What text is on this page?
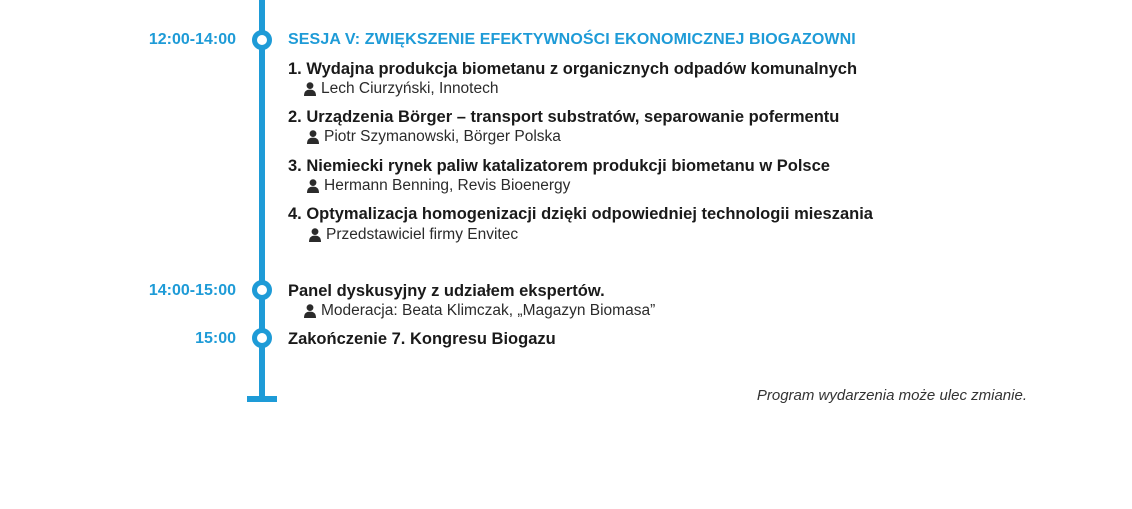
12:00-14:00	SESJA V: ZWIĘKSZENIE EFEKTYWNOŚCI EKONOMICZNEJ BIOGAZOWNI
1. Wydajna produkcja biometanu z organicznych odpadów komunalnych
Lech Ciurzyński, Innotech
2. Urządzenia Börger – transport substratów, separowanie pofermentu
Piotr Szymanowski, Börger Polska
3. Niemiecki rynek paliw katalizatorem produkcji biometanu w Polsce
Hermann Benning, Revis Bioenergy
4. Optymalizacja homogenizacji dzięki odpowiedniej technologii mieszania
Przedstawiciel firmy Envitec
14:00-15:00	Panel dyskusyjny z udziałem ekspertów.
Moderacja: Beata Klimczak, „Magazyn Biomasa”
15:00	Zakończenie 7. Kongresu Biogazu
Program wydarzenia może ulec zmianie.
